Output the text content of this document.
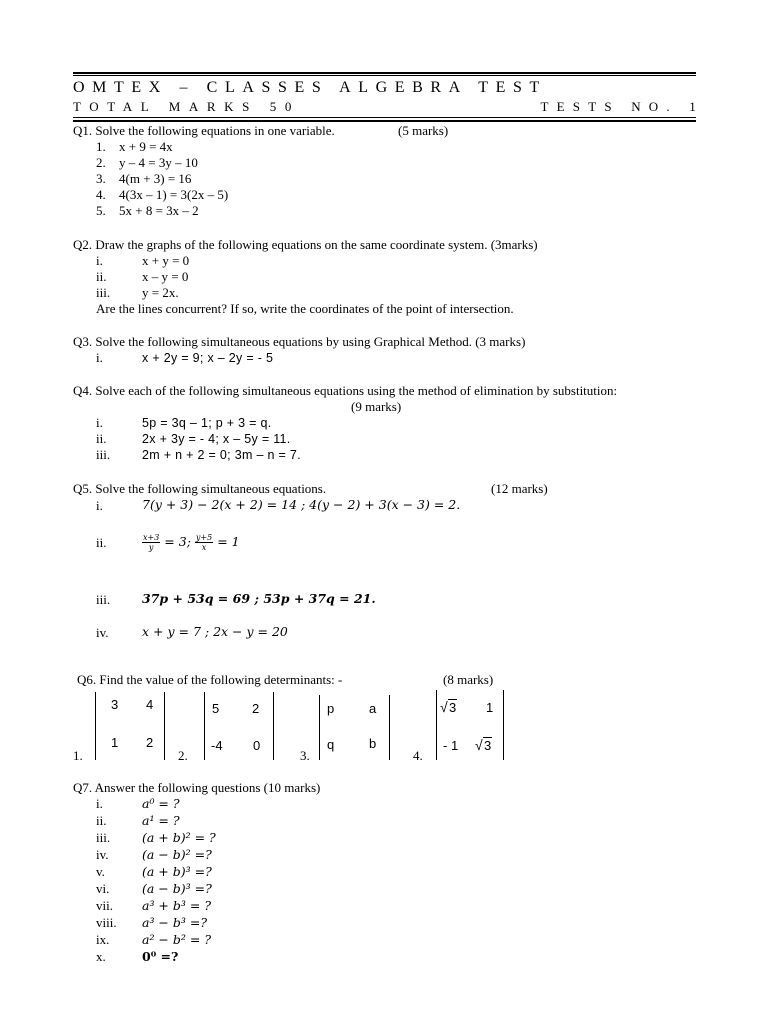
OMTEX – CLASSES ALGEBRA TEST
TOTAL MARKS 50	TESTS NO. 1
Q1. Solve the following equations in one variable.	(5 marks)
1. x + 9 = 4x
2. y – 4 = 3y – 10
3. 4(m + 3) = 16
4. 4(3x – 1) = 3(2x – 5)
5. 5x + 8 = 3x – 2
Q2. Draw the graphs of the following equations on the same coordinate system. (3marks)
i.	x + y = 0
ii.	x – y = 0
iii. y = 2x.
Are the lines concurrent? If so, write the coordinates of the point of intersection.
Q3. Solve the following simultaneous equations by using Graphical Method. (3 marks)
i.	x + 2y = 9; x – 2y = - 5
Q4. Solve each of the following simultaneous equations using the method of elimination by substitution:
(9 marks)
i.	5p = 3q – 1; p + 3 = q.
ii.	2x + 3y = - 4; x – 5y = 11.
iii.	2m + n + 2 = 0; 3m – n = 7.
Q5. Solve the following simultaneous equations.	(12 marks)
i.	7(y + 3) − 2(x + 2) = 14 ; 4(y − 2) + 3(x − 3) = 2.
ii.	$\frac{x+3}{y} = 3$; $\frac{y+5}{x} = 1$
iii.	37p + 53q = 69 ; 53p + 37q = 21.
iv.	x + y = 7 ; 2x − y = 20
Q6. Find the value of the following determinants: -	(8 marks)
1.
3 4
1 2
2.
5	2
-4 0
3.
p	a
q	b
4.
√ 3 1
- 1
√	3
Q7. Answer the following questions (10 marks)
i.	a⁰ = ?
ii.	a¹ = ?
iii.	(a + b)² = ?
iv.	(a − b)² =?
v.	(a + b)³ =?
vi.	(a − b)³ =?
vii. a³ + b³ = ?
viii. a³ − b³ =?
ix.	a² − b² = ?
x.	0⁰ =?
